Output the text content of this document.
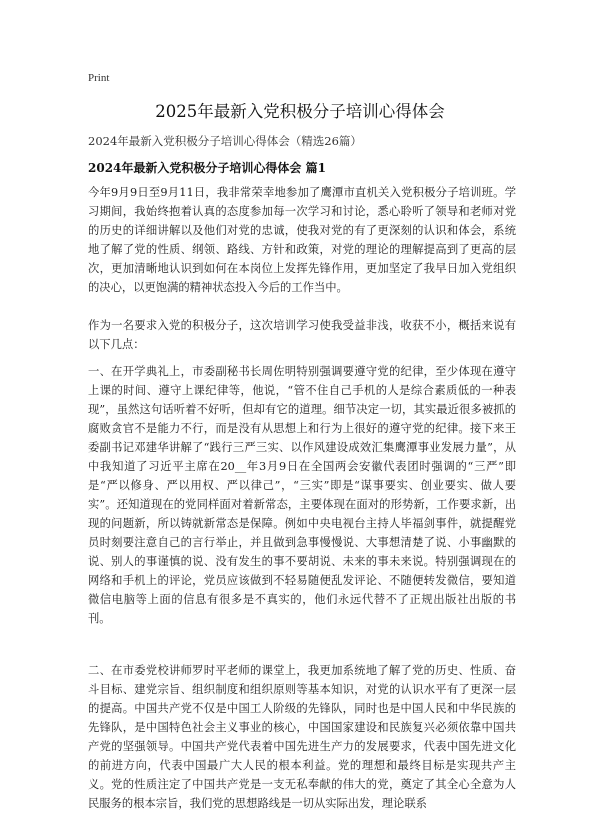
Print
2025年最新入党积极分子培训心得体会
2024年最新入党积极分子培训心得体会（精选26篇）
2024年最新入党积极分子培训心得体会 篇1

今年9月9日至9月11日，我非常荣幸地参加了鹰潭市直机关入党积极分子培训班。学习期间，我始终抱着认真的态度参加每一次学习和讨论，悉心聆听了领导和老师对党的历史的详细讲解以及他们对党的忠诚，使我对党的有了更深刻的认识和体会，系统地了解了党的性质、纲领、路线、方针和政策，对党的理论的理解提高到了更高的层次，更加清晰地认识到如何在本岗位上发挥先锋作用，更加坚定了我早日加入党组织的决心，以更饱满的精神状态投入今后的工作当中。

作为一名要求入党的积极分子，这次培训学习使我受益非浅，收获不小，概括来说有以下几点：

一、在开学典礼上，市委副秘书长周佐明特别强调要遵守党的纪律，至少体现在遵守上课的时间、遵守上课纪律等，他说，“管不住自己手机的人是综合素质低的一种表现”，虽然这句话听着不好听，但却有它的道理。细节决定一切，其实最近很多被抓的腐败贪官不是能力不行，而是没有从思想上和行为上很好的遵守党的纪律。接下来王委副书记邓建华讲解了“践行三严三实、以作风建设成效汇集鹰潭事业发展力量”，从中我知道了习近平主席在20__年3月9日在全国两会安徽代表团时强调的“三严”即是“严以修身、严以用权、严以律己”，“三实”即是“谋事要实、创业要实、做人要实”。还知道现在的党同样面对着新常态，主要体现在面对的形势新，工作要求新，出现的问题新，所以铸就新常态是保障。例如中央电视台主持人毕福剑事件，就提醒党员时刻要注意自己的言行举止，并且做到急事慢慢说、大事想清楚了说、小事幽默的说、别人的事谨慎的说、没有发生的事不要胡说、未来的事未来说。特别强调现在的网络和手机上的评论，党员应该做到不轻易随便乱发评论、不随便转发微信，要知道微信电脑等上面的信息有很多是不真实的，他们永远代替不了正规出版社出版的书刊。

二、在市委党校讲师罗时平老师的课堂上，我更加系统地了解了党的历史、性质、奋斗目标、建党宗旨、组织制度和组织原则等基本知识，对党的认识水平有了更深一层的提高。中国共产党不仅是中国工人阶级的先锋队，同时也是中国人民和中华民族的先锋队，是中国特色社会主义事业的核心，中国国家建设和民族复兴必须依靠中国共产党的坚强领导。中国共产党代表着中国先进生产力的发展要求，代表中国先进文化的前进方向，代表中国最广大人民的根本利益。党的理想和最终目标是实现共产主义。党的性质注定了中国共产党是一支无私奉献的伟大的党，奠定了其全心全意为人民服务的根本宗旨，我们党的思想路线是一切从实际出发，理论联系
